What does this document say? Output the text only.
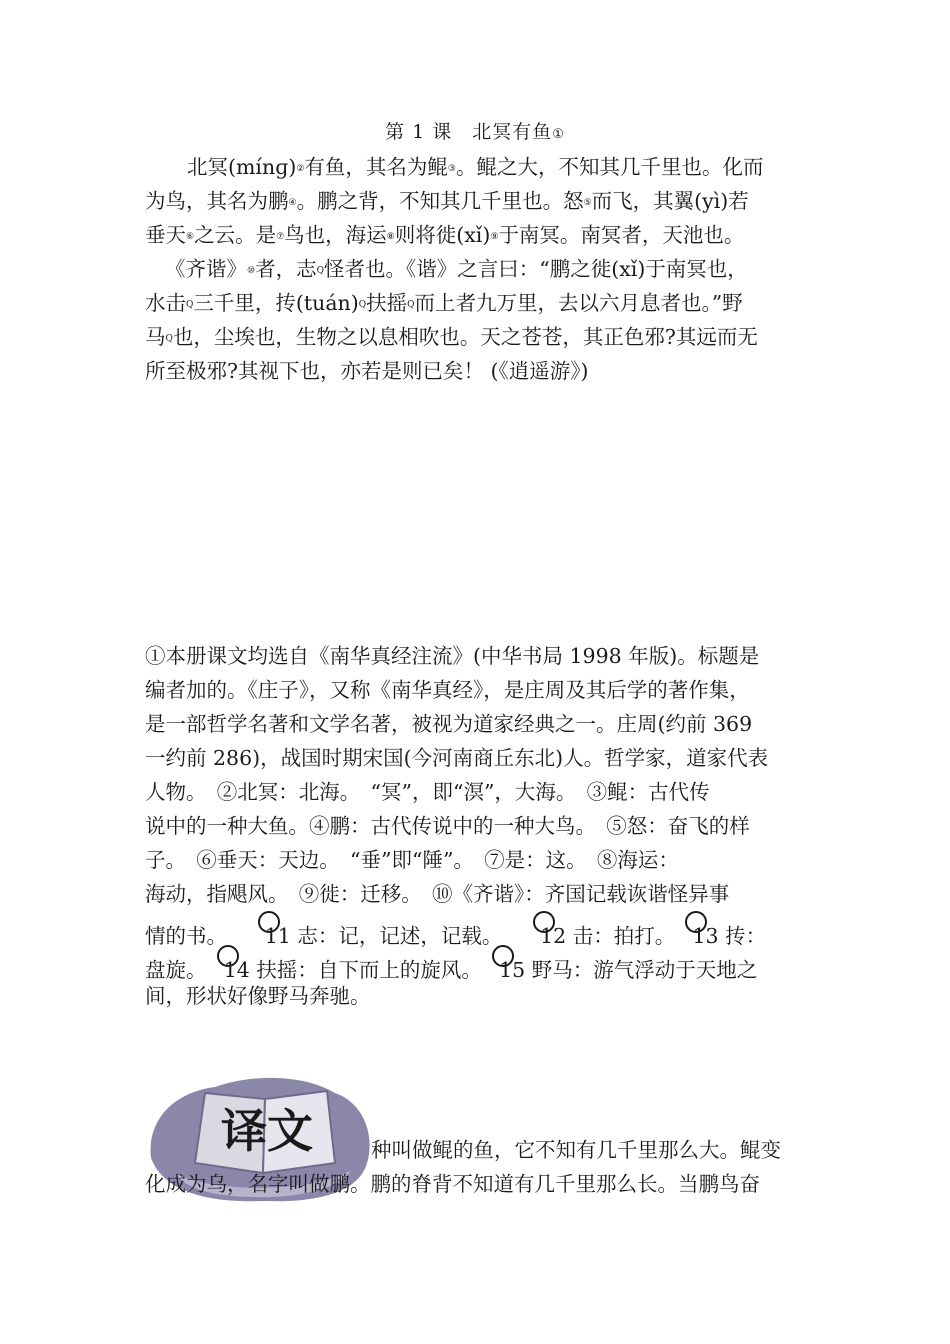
第 1 课　北冥有鱼①
北冥(mínɡ)②有鱼，其名为鲲③。鲲之大，不知其几千里也。化而
为鸟，其名为鹏④。鹏之背，不知其几千里也。怒⑤而飞，其翼(yì)若
垂天⑥之云。是⑦鸟也，海运⑧则将徙(xǐ)⑨于南冥。南冥者，天池也。
《齐谐》⑩者，志$^Q$怪者也。《谐》之言曰：“鹏之徙(xǐ)于南冥也，
水击$^Q$三千里，抟(tuán)$^Q$扶摇$^Q$而上者九万里，去以六月息者也。”野
马$^Q$也，尘埃也，生物之以息相吹也。天之苍苍，其正色邪?其远而无
所至极邪?其视下也，亦若是则已矣！ (《逍遥游》)
①本册课文均选自《南华真经注流》(中华书局 1998 年版)。标题是
编者加的。《庄子》，又称《南华真经》，是庄周及其后学的著作集，
是一部哲学名著和文学名著，被视为道家经典之一。庄周(约前 369
一约前 286)，战国时期宋国(今河南商丘东北)人。哲学家，道家代表
人物。　②北冥：北海。　“冥”，即“溟”，大海。　③鲲：古代传
说中的一种大鱼。④鹏：古代传说中的一种大鸟。　⑤怒：奋飞的样
子。　⑥垂天：天边。　“垂”即“陲”。　⑦是：这。　⑧海运：
海动，指飓风。　⑨徙：迁移。　⑩《齐谐》：齐国记载诙谐怪异事
情的书。　　11 志：记，记述，记载。　　12 击：拍打。　13 抟：
盘旋。　14 扶摇：自下而上的旋风。　15 野马：游气浮动于天地之
间，形状好像野马奔驰。
译文	种叫做鲲的鱼，它不知有几千里那么大。鲲变
化成为乌，名字叫做鹏。鹏的脊背不知道有几千里那么长。当鹏鸟奋
